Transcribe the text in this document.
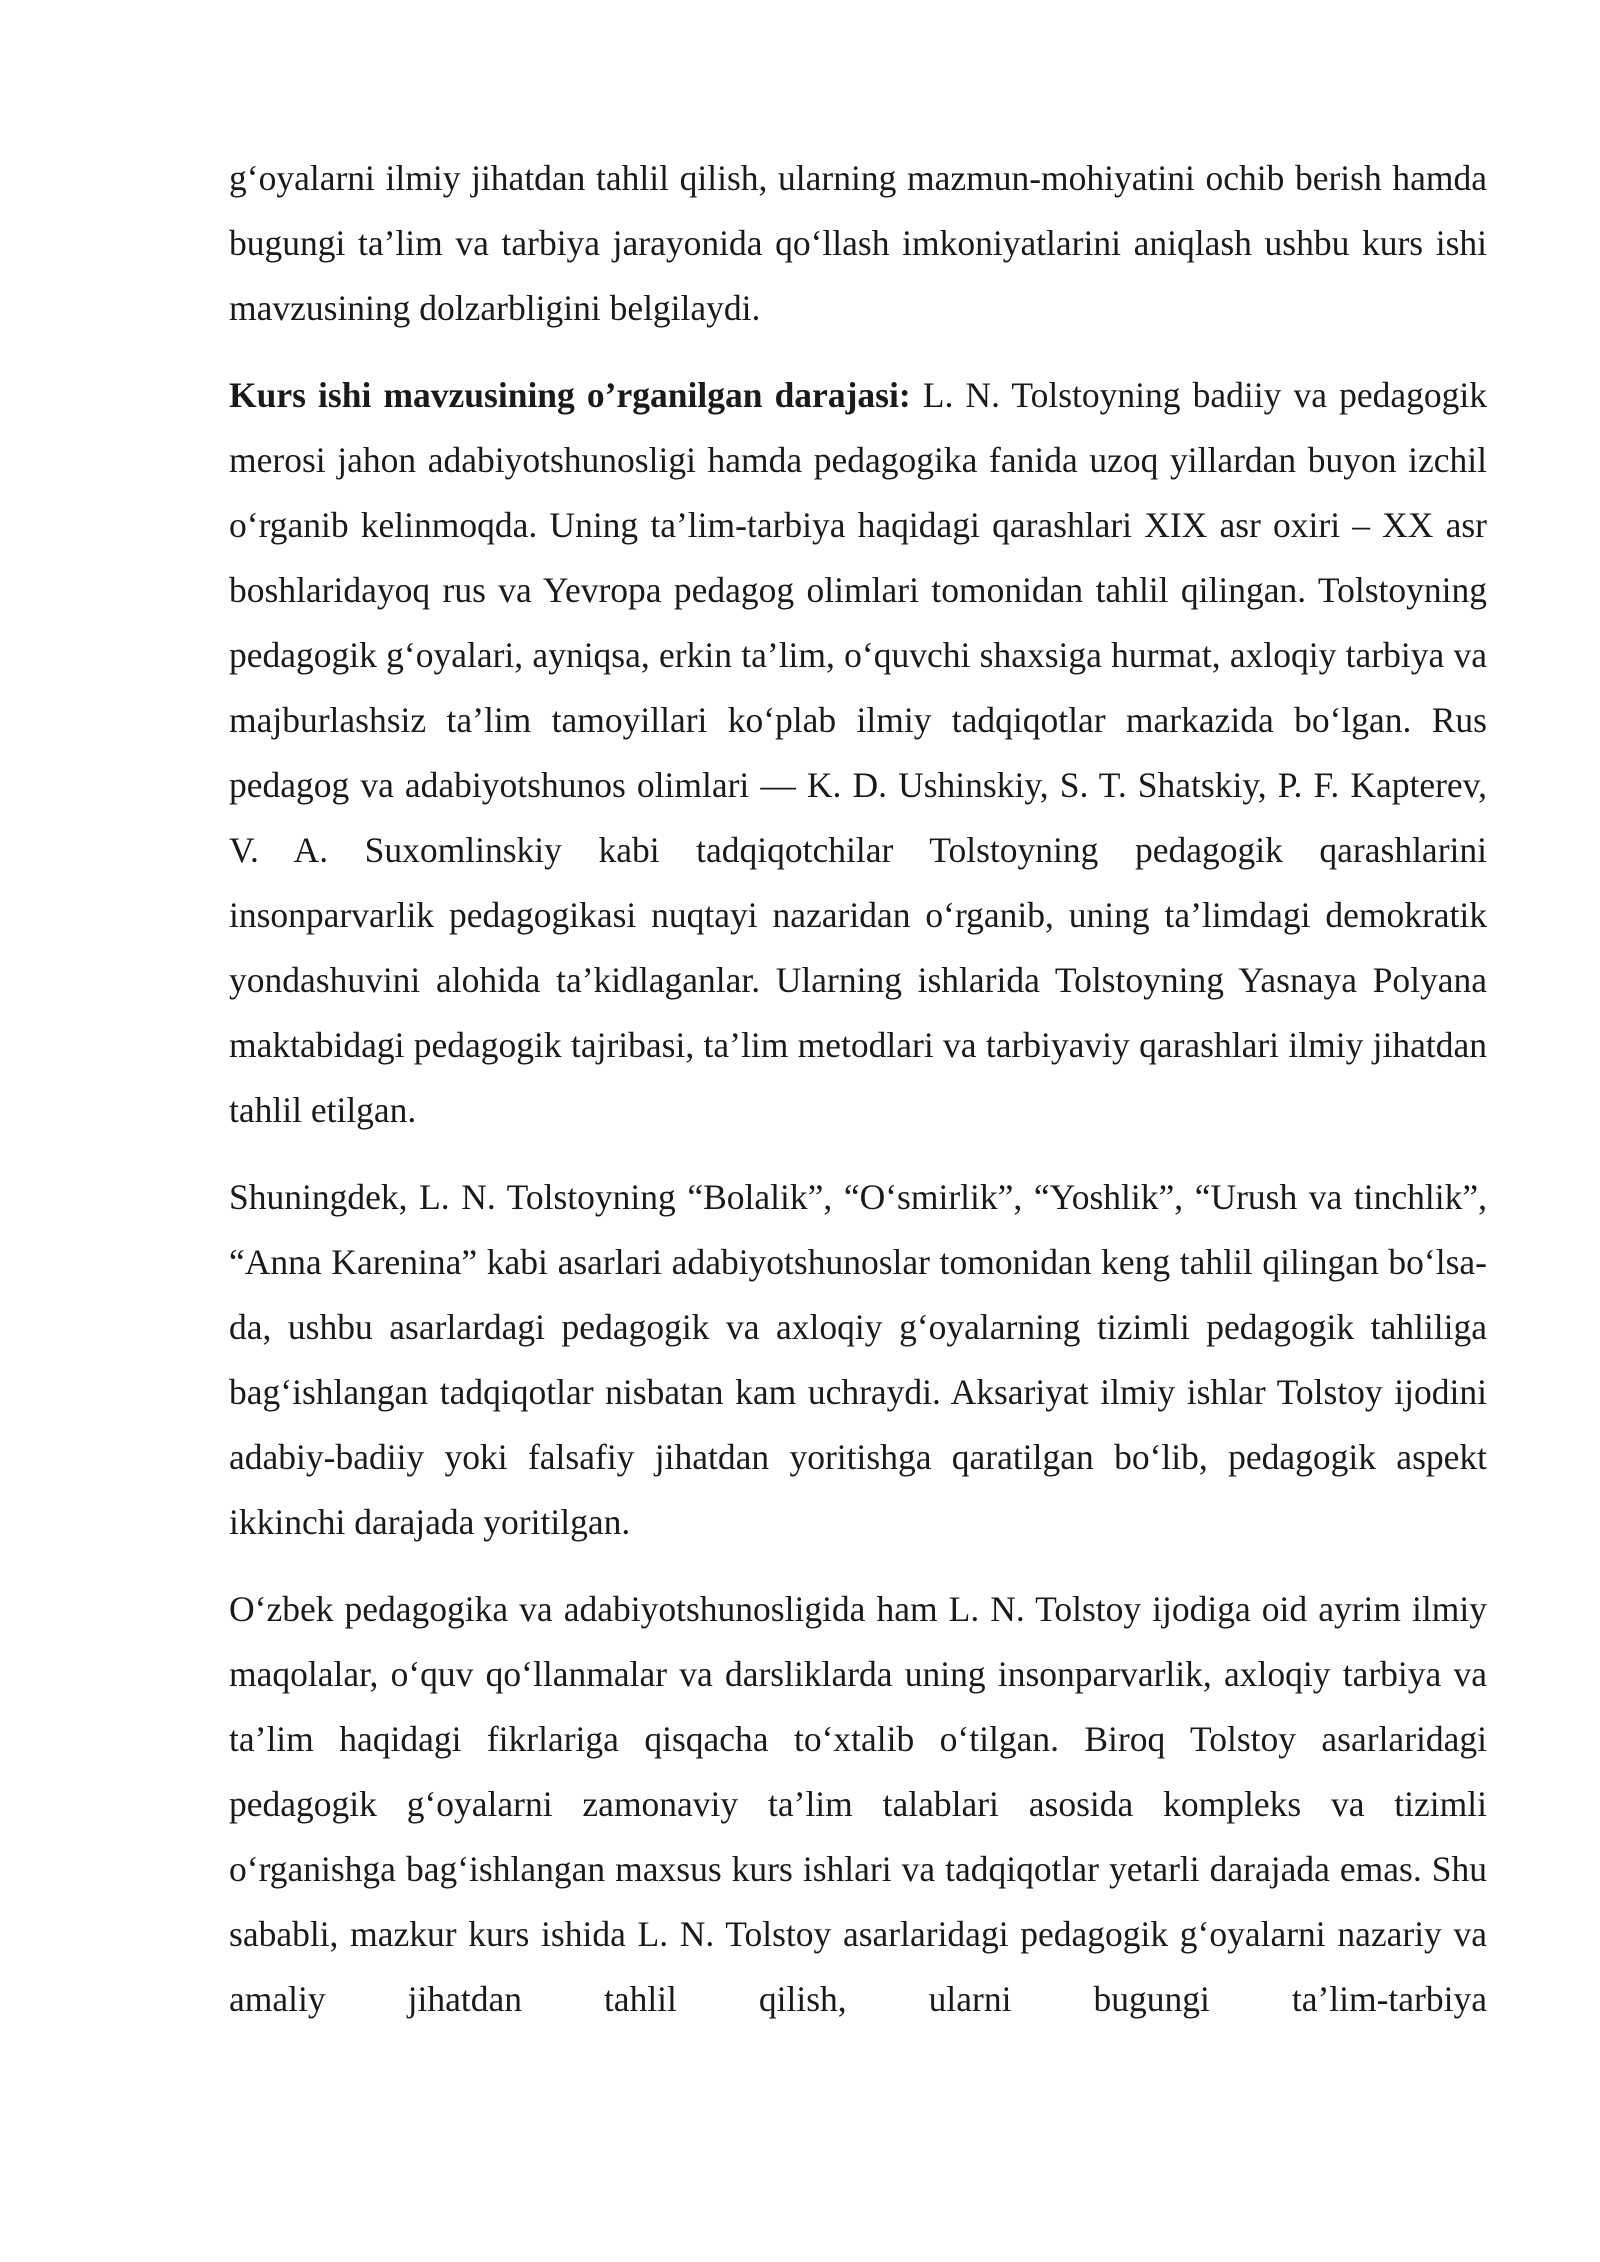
g‘oyalarni ilmiy jihatdan tahlil qilish, ularning mazmun-mohiyatini ochib berish hamda bugungi ta’lim va tarbiya jarayonida qo‘llash imkoniyatlarini aniqlash ushbu kurs ishi mavzusining dolzarbligini belgilaydi.

Kurs ishi mavzusining o’rganilgan darajasi: L. N. Tolstoyning badiiy va pedagogik merosi jahon adabiyotshunosligi hamda pedagogika fanida uzoq yillardan buyon izchil o‘rganib kelinmoqda. Uning ta’lim-tarbiya haqidagi qarashlari XIX asr oxiri – XX asr boshlaridayoq rus va Yevropa pedagog olimlari tomonidan tahlil qilingan. Tolstoyning pedagogik g‘oyalari, ayniqsa, erkin ta’lim, o‘quvchi shaxsiga hurmat, axloqiy tarbiya va majburlashsiz ta’lim tamoyillari ko‘plab ilmiy tadqiqotlar markazida bo‘lgan. Rus pedagog va adabiyotshunos olimlari — K. D. Ushinskiy, S. T. Shatskiy, P. F. Kapterev, V. A. Suxomlinskiy kabi tadqiqotchilar Tolstoyning pedagogik qarashlarini insonparvarlik pedagogikasi nuqtayi nazaridan o‘rganib, uning ta’limdagi demokratik yondashuvini alohida ta’kidlaganlar. Ularning ishlarida Tolstoyning Yasnaya Polyana maktabidagi pedagogik tajribasi, ta’lim metodlari va tarbiyaviy qarashlari ilmiy jihatdan tahlil etilgan.

Shuningdek, L. N. Tolstoyning “Bolalik”, “O‘smirlik”, “Yoshlik”, “Urush va tinchlik”, “Anna Karenina” kabi asarlari adabiyotshunoslar tomonidan keng tahlil qilingan bo‘lsa-da, ushbu asarlardagi pedagogik va axloqiy g‘oyalarning tizimli pedagogik tahliliga bag‘ishlangan tadqiqotlar nisbatan kam uchraydi. Aksariyat ilmiy ishlar Tolstoy ijodini adabiy-badiiy yoki falsafiy jihatdan yoritishga qaratilgan bo‘lib, pedagogik aspekt ikkinchi darajada yoritilgan.

O‘zbek pedagogika va adabiyotshunosligida ham L. N. Tolstoy ijodiga oid ayrim ilmiy maqolalar, o‘quv qo‘llanmalar va darsliklarda uning insonparvarlik, axloqiy tarbiya va ta’lim haqidagi fikrlariga qisqacha to‘xtalib o‘tilgan. Biroq Tolstoy asarlaridagi pedagogik g‘oyalarni zamonaviy ta’lim talablari asosida kompleks va tizimli o‘rganishga bag‘ishlangan maxsus kurs ishlari va tadqiqotlar yetarli darajada emas. Shu sababli, mazkur kurs ishida L. N. Tolstoy asarlaridagi pedagogik g‘oyalarni nazariy va amaliy jihatdan tahlil qilish, ularni bugungi ta’lim-tarbiya
